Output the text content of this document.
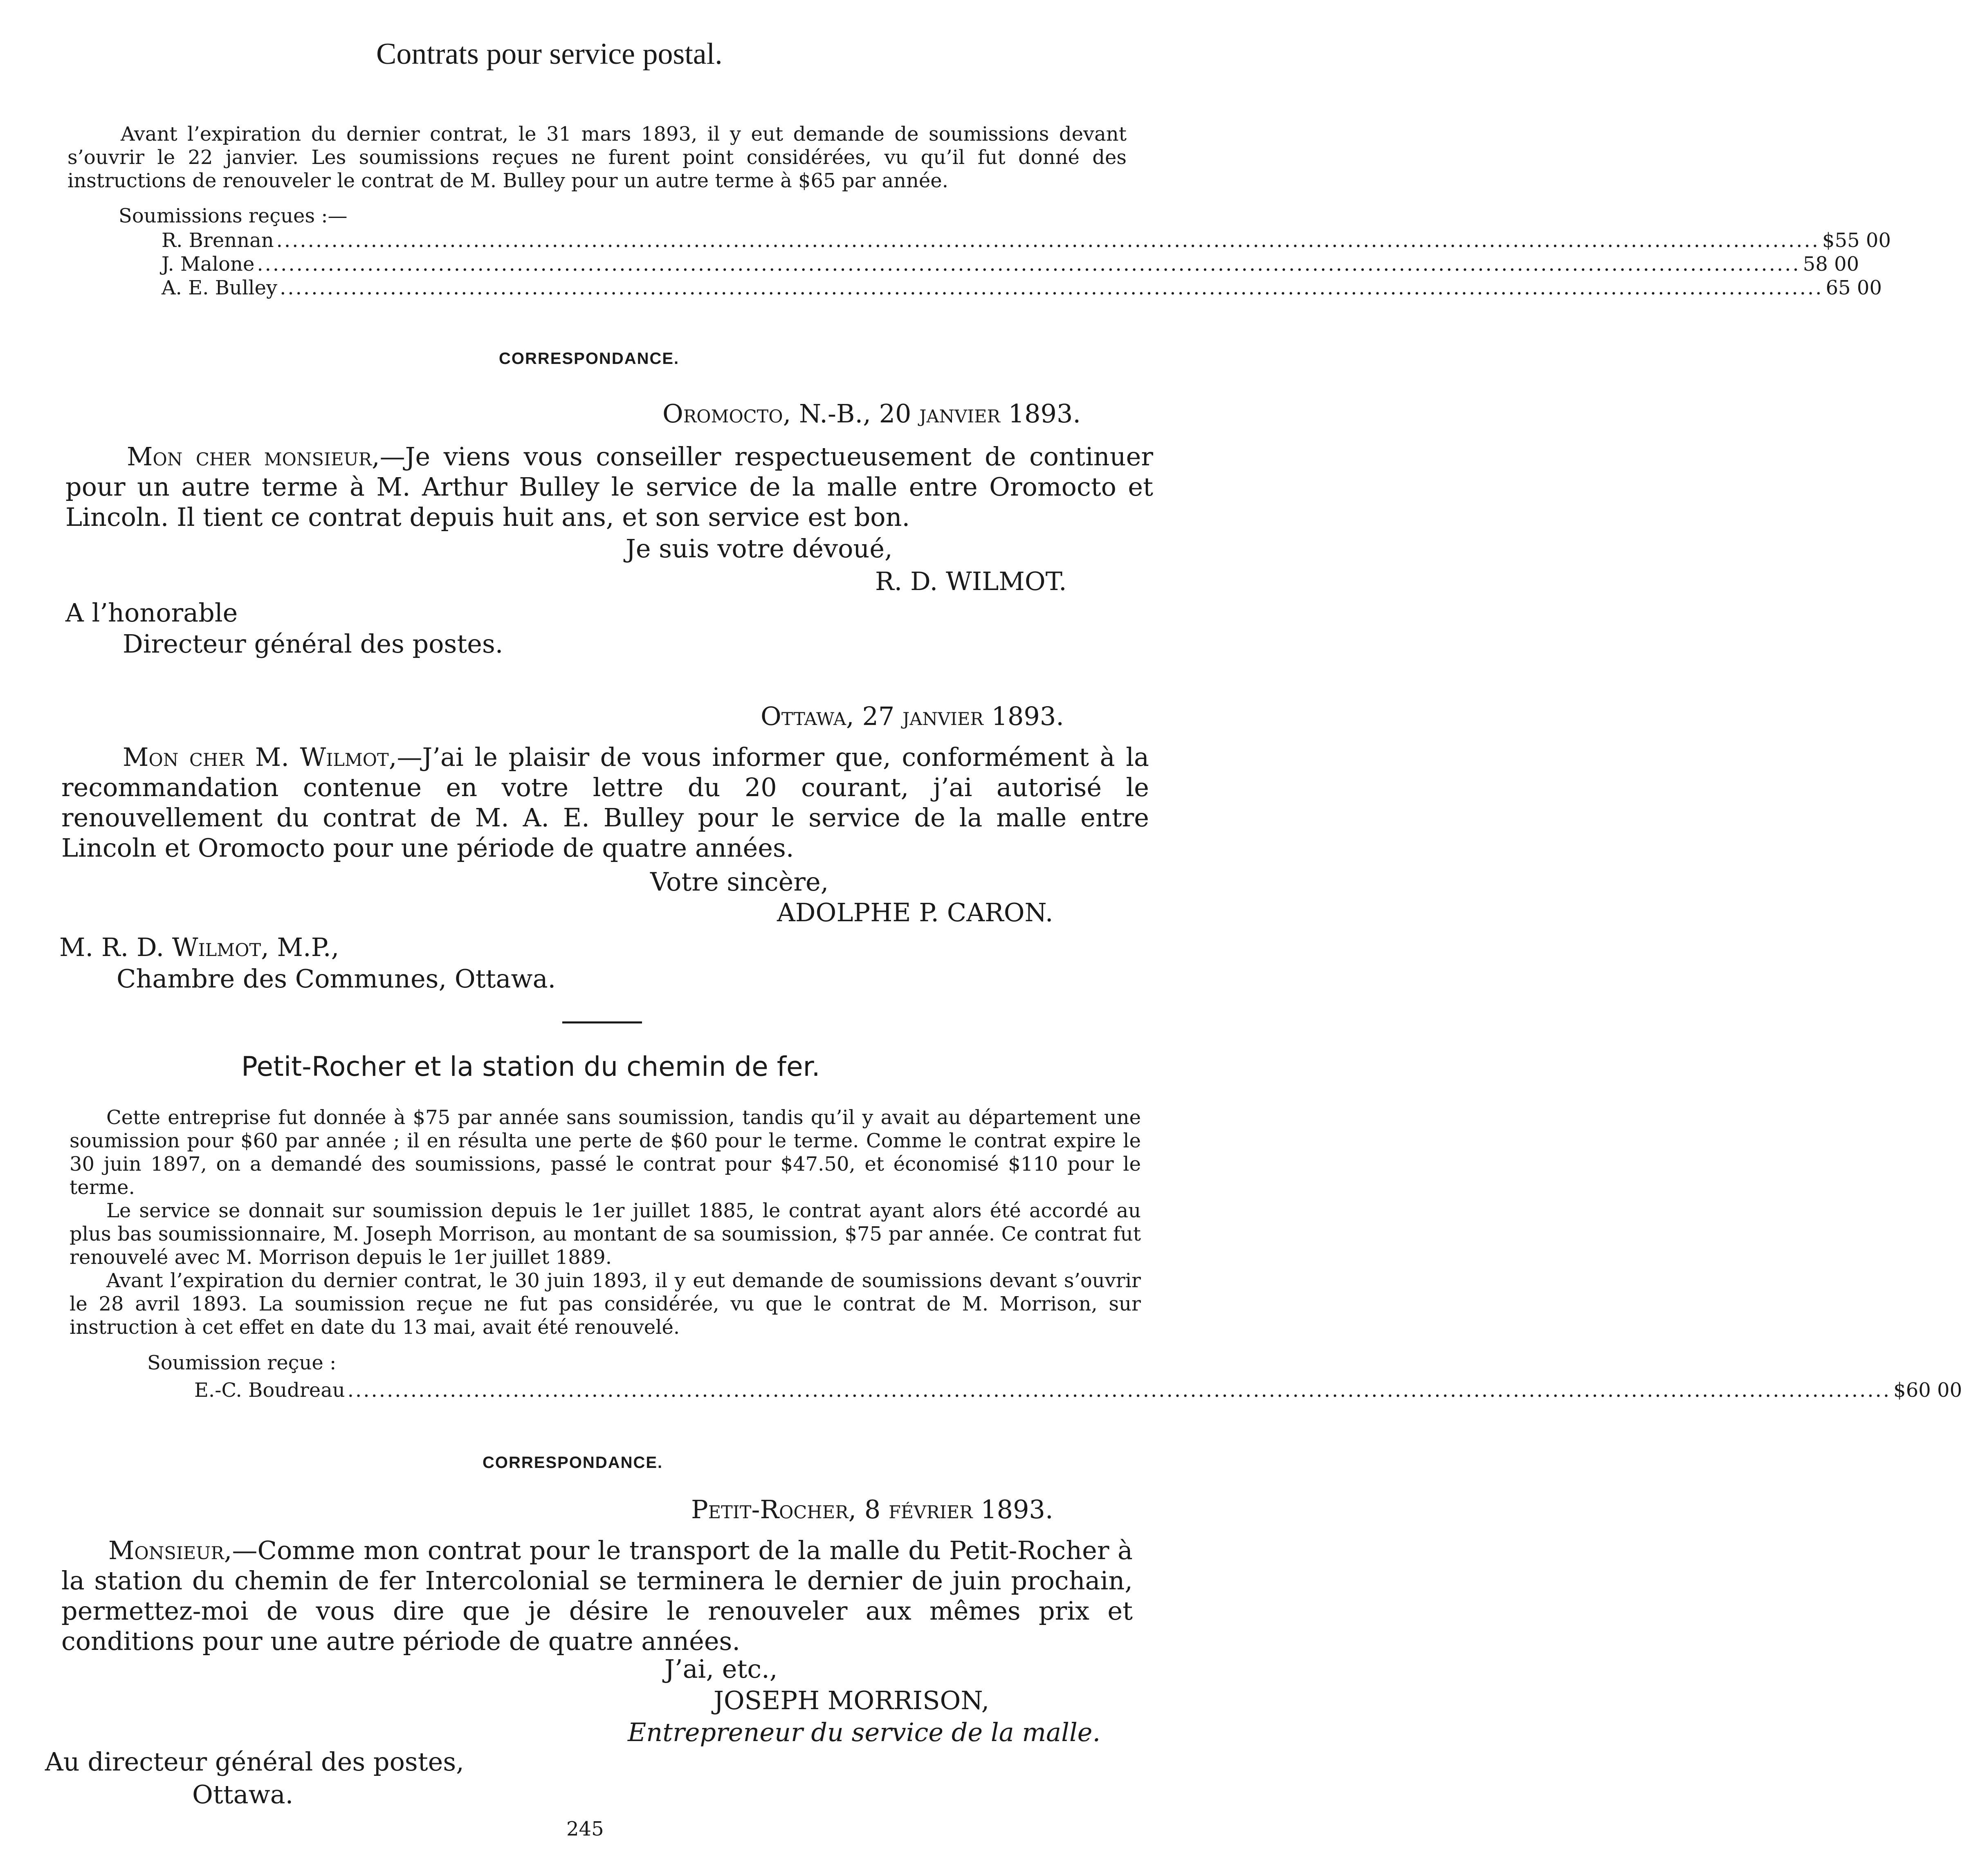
Contrats pour service postal.

Avant l’expiration du dernier contrat, le 31 mars 1893, il y eut demande de soumissions devant s’ouvrir le 22 janvier. Les soumissions reçues ne furent point considérées, vu qu’il fut donné des instructions de renouveler le contrat de M. Bulley pour un autre terme à $65 par année.

Soumissions reçues :—
R. Brennan .................................................................................................................................................................................................... $55 00
J. Malone .................................................................................................................................................................................................... 58 00
A. E. Bulley .................................................................................................................................................................................................... 65 00
CORRESPONDANCE.
Oromocto, N.-B., 20 janvier 1893.

Mon cher monsieur,—Je viens vous conseiller respectueusement de continuer pour un autre terme à M. Arthur Bulley le service de la malle entre Oromocto et Lincoln. Il tient ce contrat depuis huit ans, et son service est bon.

Je suis votre dévoué,
R. D. WILMOT.
A l’honorable
Directeur général des postes.
Ottawa, 27 janvier 1893.

Mon cher M. Wilmot,—J’ai le plaisir de vous informer que, conformément à la recommandation contenue en votre lettre du 20 courant, j’ai autorisé le renouvellement du contrat de M. A. E. Bulley pour le service de la malle entre Lincoln et Oromocto pour une période de quatre années.

Votre sincère,
ADOLPHE P. CARON.
M. R. D. Wilmot, M.P.,
Chambre des Communes, Ottawa.
Petit-Rocher et la station du chemin de fer.

Cette entreprise fut donnée à $75 par année sans soumission, tandis qu’il y avait au département une soumission pour $60 par année ; il en résulta une perte de $60 pour le terme. Comme le contrat expire le 30 juin 1897, on a demandé des soumissions, passé le contrat pour $47.50, et économisé $110 pour le terme.

Le service se donnait sur soumission depuis le 1er juillet 1885, le contrat ayant alors été accordé au plus bas soumissionnaire, M. Joseph Morrison, au montant de sa soumission, $75 par année. Ce contrat fut renouvelé avec M. Morrison depuis le 1er juillet 1889.

Avant l’expiration du dernier contrat, le 30 juin 1893, il y eut demande de soumissions devant s’ouvrir le 28 avril 1893. La soumission reçue ne fut pas considérée, vu que le contrat de M. Morrison, sur instruction à cet effet en date du 13 mai, avait été renouvelé.

Soumission reçue :
E.-C. Boudreau .................................................................................................................................................................................................... $60 00
CORRESPONDANCE.
Petit-Rocher, 8 février 1893.

Monsieur,—Comme mon contrat pour le transport de la malle du Petit-Rocher à la station du chemin de fer Intercolonial se terminera le dernier de juin prochain, permettez-moi de vous dire que je désire le renouveler aux mêmes prix et conditions pour une autre période de quatre années.

J’ai, etc.,
JOSEPH MORRISON,
Entrepreneur du service de la malle.
Au directeur général des postes,
Ottawa.
245
